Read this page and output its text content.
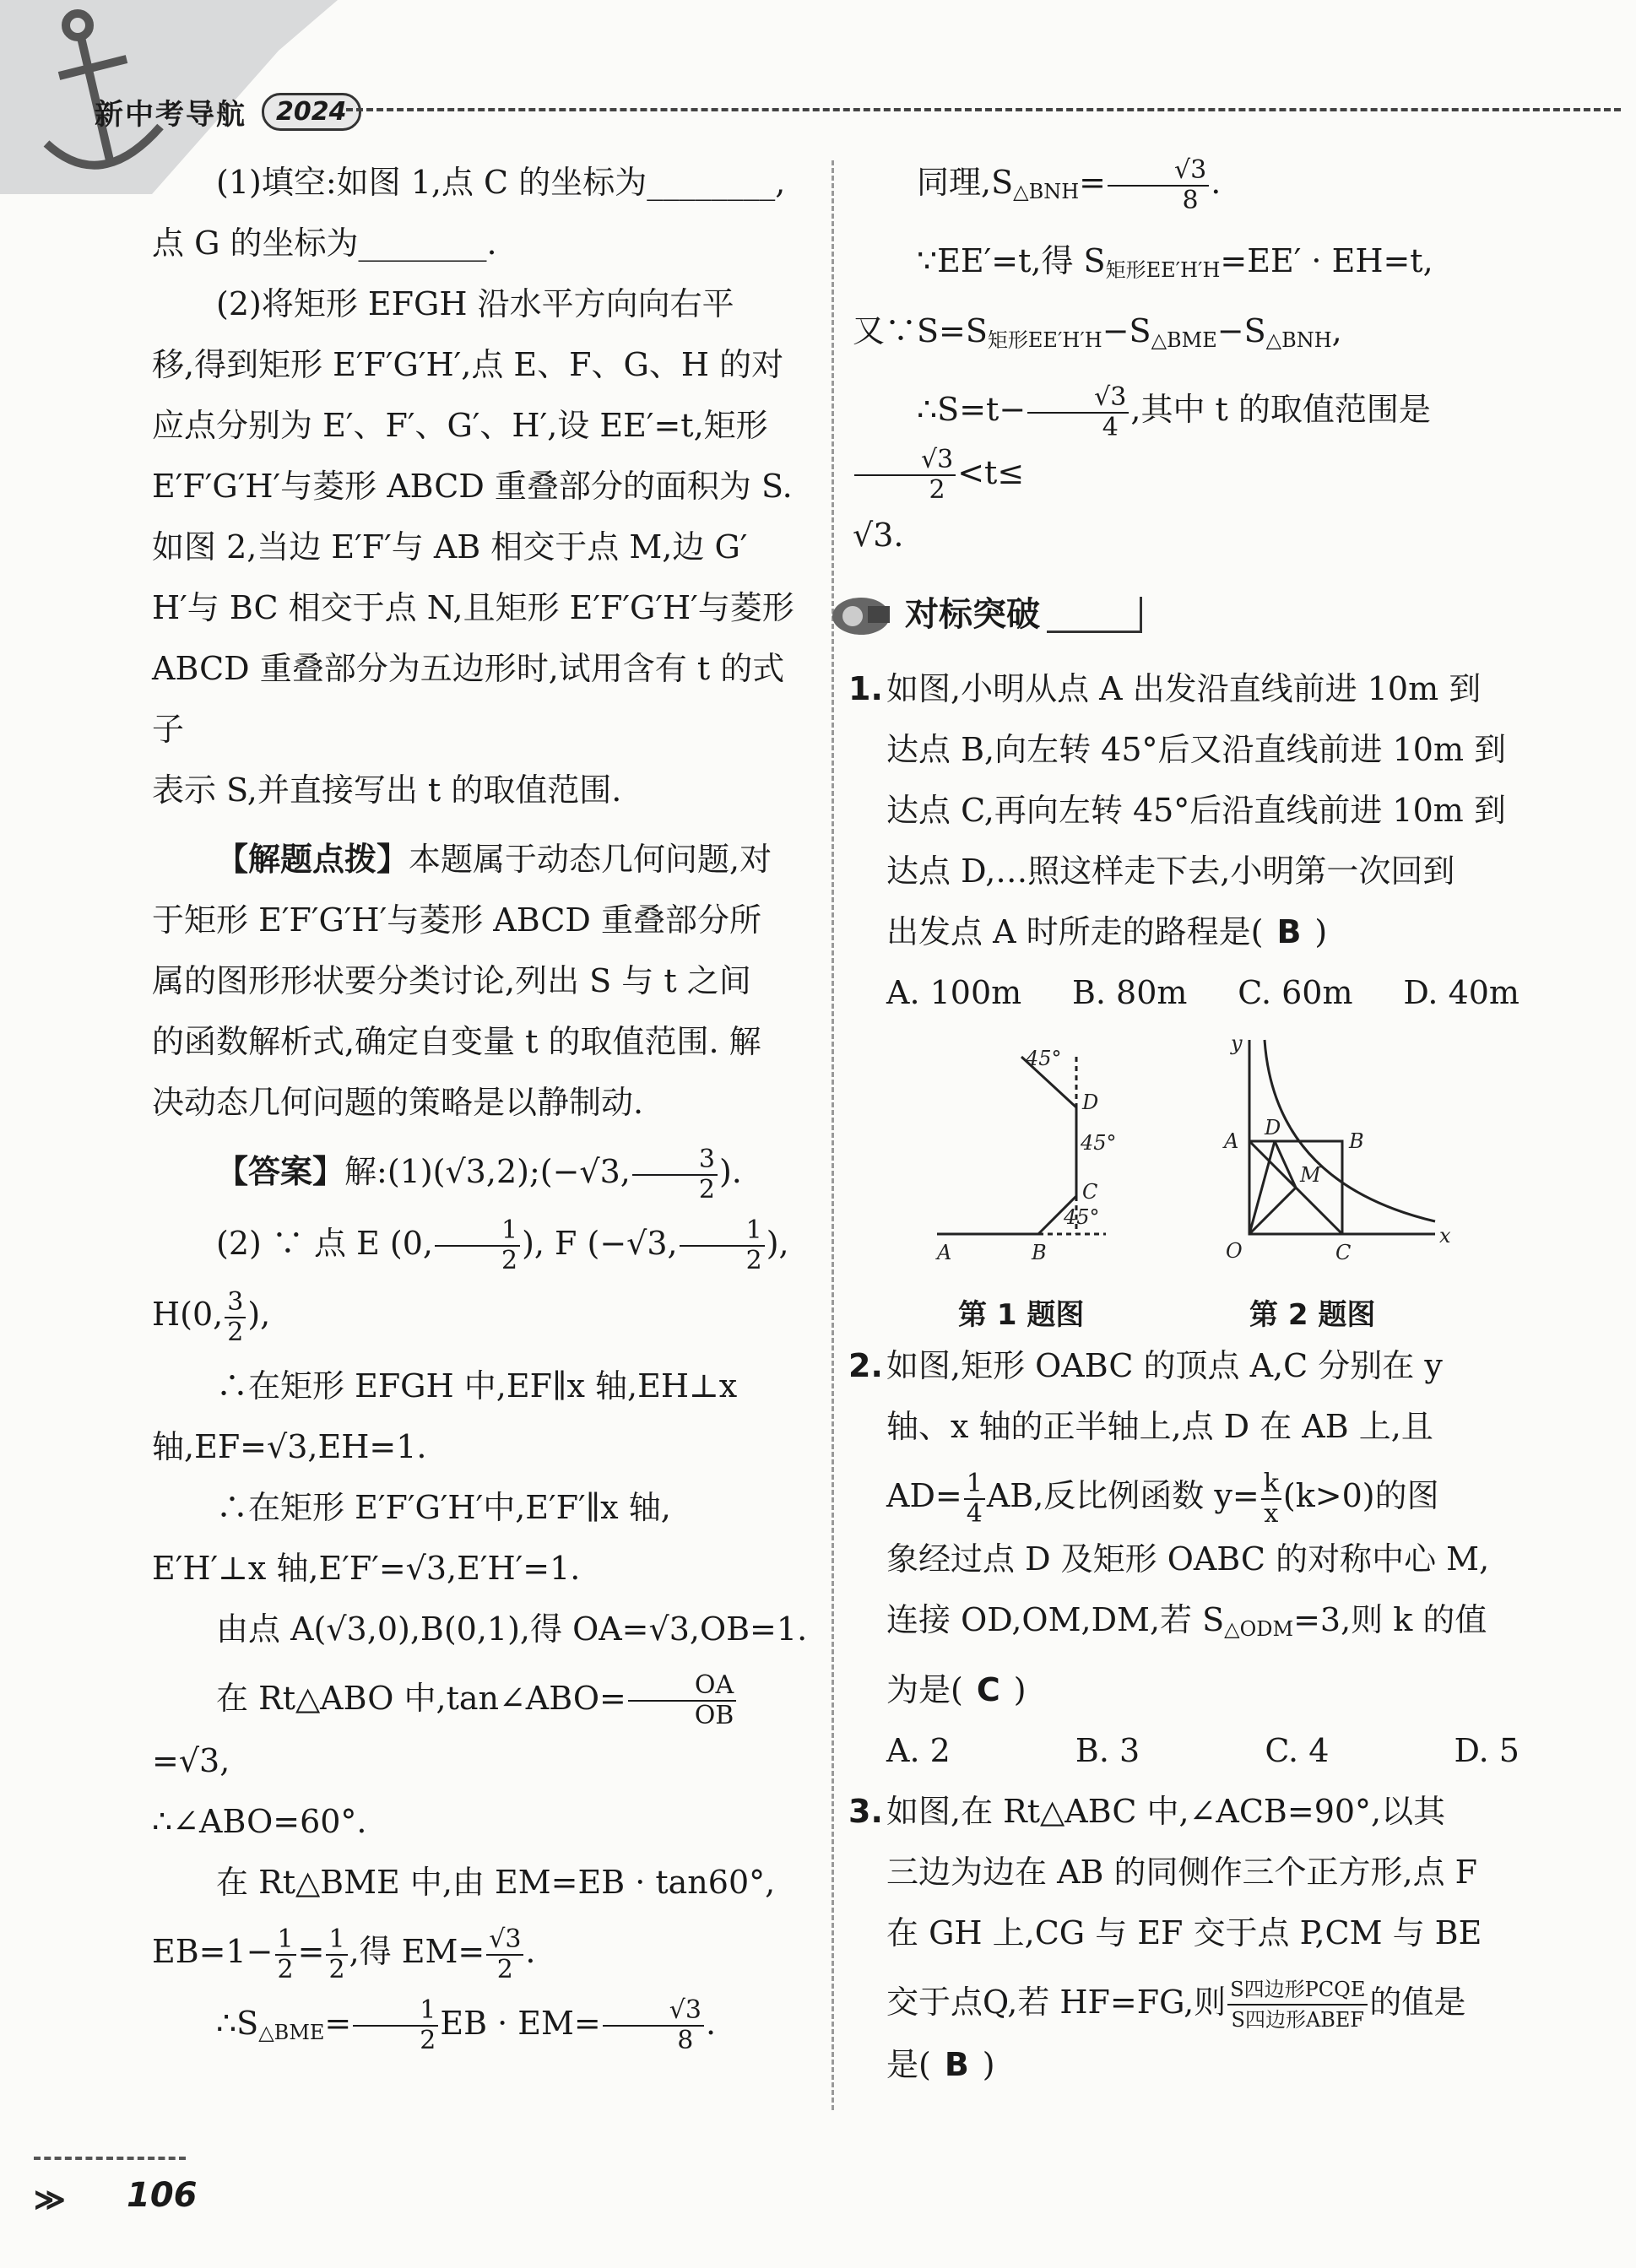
新中考导航	2024

(1)填空:如图 1,点 C 的坐标为________,

点 G 的坐标为________.

(2)将矩形 EFGH 沿水平方向向右平

移,得到矩形 E′F′G′H′,点 E、F、G、H 的对

应点分别为 E′、F′、G′、H′,设 EE′=t,矩形

E′F′G′H′与菱形 ABCD 重叠部分的面积为 S.

如图 2,当边 E′F′与 AB 相交于点 M,边 G′

H′与 BC 相交于点 N,且矩形 E′F′G′H′与菱形

ABCD 重叠部分为五边形时,试用含有 t 的式子

表示 S,并直接写出 t 的取值范围.

【解题点拨】本题属于动态几何问题,对

于矩形 E′F′G′H′与菱形 ABCD 重叠部分所

属的图形形状要分类讨论,列出 S 与 t 之间

的函数解析式,确定自变量 t 的取值范围. 解

决动态几何问题的策略是以静制动.

【答案】解:(1)(√3,2);(−√3, $\frac{3}{2}$ ).

(2) ∵ 点 E (0, $\frac{1}{2}$ ), F (−√3, $\frac{1}{2}$ ),

H(0, $\frac{3}{2}$ ),

∴在矩形 EFGH 中,EF∥x 轴,EH⊥x

轴,EF=√3,EH=1.

∴在矩形 E′F′G′H′中,E′F′∥x 轴,

E′H′⊥x 轴,E′F′=√3,E′H′=1.

由点 A(√3,0),B(0,1),得 OA=√3,OB=1.

在 Rt△ABO 中,tan∠ABO= $\frac{OA}{OB}$
=√3,

∴∠ABO=60°.

在 Rt△BME 中,由 EM=EB · tan60°,

$EB=1- \frac{1}{2} = \frac{1}{2}$ ,得 $EM= \frac{√3}{2}$ .

$\therefore S_{\triangle BME}= \frac{1}{2}$ EB · $EM= \frac{√3}{8}$ .

同理$,S_{\triangle BNH}= \frac{√3}{8}$ .

∵EE′=t,得 $S_{矩形EE'H'H}=EE' \cdot EH=t$,

又$\because S=S_{矩形EE'H'H}-S_{\triangle BME}-S_{\triangle BNH}$,

∴S=t− $\frac{√3}{4}$ ,其中 t 的取值范围是
$\frac{√3}{2} <t\le$

√3.

对标突破
1. 如图,小明从点 A 出发沿直线前进 10m 到

达点 B,向左转 45°后又沿直线前进 10m 到

达点 C,再向左转 45°后沿直线前进 10m 到

达点 D,…照这样走下去,小明第一次回到

出发点 A 时所走的路程是( B )

A. 100m B. 80m C. 60m D. 40m
45°
D
45°
C
45°
A	B
y
A
D
B
M
O	C
x
第 1 题图	第 2 题图
2. 如图,矩形 OABC 的顶点 A,C 分别在 y

轴、x 轴的正半轴上,点 D 在 AB 上,且

$AD= \frac{1}{4}$ AB,反比例函数 $y= \frac{k}{x} (k>0)$的图

象经过点 D 及矩形 OABC 的对称中心 M,

连接 OD,OM,DM,若 $S_{\triangle ODM}=3$,则 k 的值

为是( C )

A. 2	B. 3	C. 4	D. 5
3. 如图,在 Rt△ABC 中,∠ACB=90°,以其

三边为边在 AB 的同侧作三个正方形,点 F

在 GH 上,CG 与 EF 交于点 P,CM 与 BE

交于点Q,若 HF=FG,则 $\frac{\text{S四边形PCQE}}{\text{S四边形ABEF}}$ 的值是

是( B )

≫ 106
